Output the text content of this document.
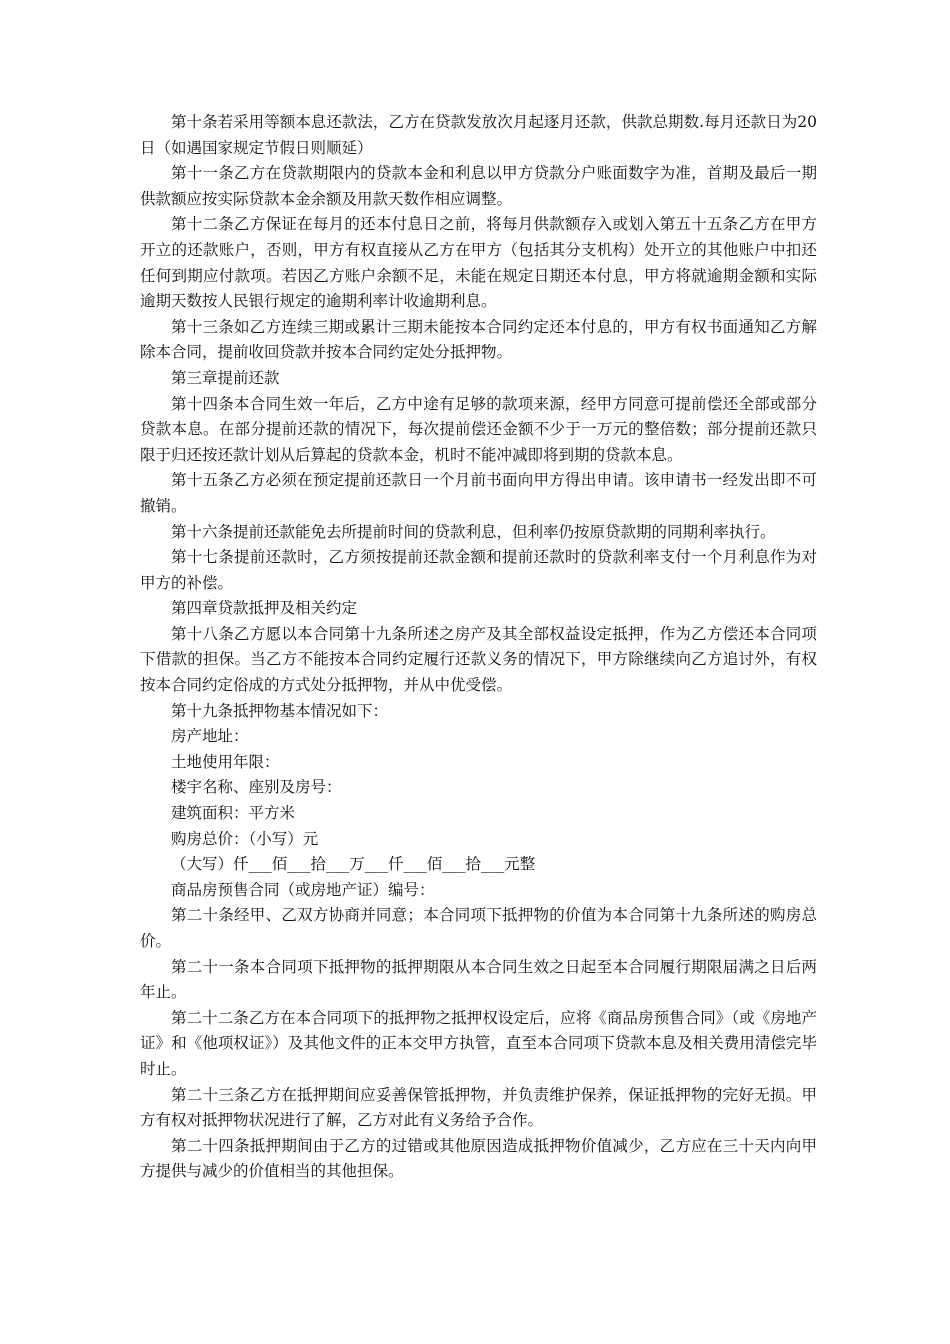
第十条若采用等额本息还款法，乙方在贷款发放次月起逐月还款，供款总期数.每月还款日为20日（如遇国家规定节假日则顺延）

第十一条乙方在贷款期限内的贷款本金和利息以甲方贷款分户账面数字为准，首期及最后一期供款额应按实际贷款本金余额及用款天数作相应调整。

第十二条乙方保证在每月的还本付息日之前，将每月供款额存入或划入第五十五条乙方在甲方开立的还款账户，否则，甲方有权直接从乙方在甲方（包括其分支机构）处开立的其他账户中扣还任何到期应付款项。若因乙方账户余额不足，未能在规定日期还本付息，甲方将就逾期金额和实际逾期天数按人民银行规定的逾期利率计收逾期利息。

第十三条如乙方连续三期或累计三期未能按本合同约定还本付息的，甲方有权书面通知乙方解除本合同，提前收回贷款并按本合同约定处分抵押物。

第三章提前还款

第十四条本合同生效一年后，乙方中途有足够的款项来源，经甲方同意可提前偿还全部或部分贷款本息。在部分提前还款的情况下，每次提前偿还金额不少于一万元的整倍数；部分提前还款只限于归还按还款计划从后算起的贷款本金，机时不能冲减即将到期的贷款本息。

第十五条乙方必须在预定提前还款日一个月前书面向甲方得出申请。该申请书一经发出即不可撤销。

第十六条提前还款能免去所提前时间的贷款利息，但利率仍按原贷款期的同期利率执行。

第十七条提前还款时，乙方须按提前还款金额和提前还款时的贷款利率支付一个月利息作为对甲方的补偿。

第四章贷款抵押及相关约定

第十八条乙方愿以本合同第十九条所述之房产及其全部权益设定抵押，作为乙方偿还本合同项下借款的担保。当乙方不能按本合同约定履行还款义务的情况下，甲方除继续向乙方追讨外，有权按本合同约定俗成的方式处分抵押物，并从中优受偿。

第十九条抵押物基本情况如下：

房产地址：

土地使用年限：

楼宇名称、座别及房号：

建筑面积：平方米

购房总价：（小写）元

（大写）仟___佰___拾___万___仟___佰___拾___元整

商品房预售合同（或房地产证）编号：

第二十条经甲、乙双方协商并同意；本合同项下抵押物的价值为本合同第十九条所述的购房总价。

第二十一条本合同项下抵押物的抵押期限从本合同生效之日起至本合同履行期限届满之日后两年止。

第二十二条乙方在本合同项下的抵押物之抵押权设定后，应将《商品房预售合同》（或《房地产证》和《他项权证》）及其他文件的正本交甲方执管，直至本合同项下贷款本息及相关费用清偿完毕时止。

第二十三条乙方在抵押期间应妥善保管抵押物，并负责维护保养，保证抵押物的完好无损。甲方有权对抵押物状况进行了解，乙方对此有义务给予合作。

第二十四条抵押期间由于乙方的过错或其他原因造成抵押物价值减少，乙方应在三十天内向甲方提供与减少的价值相当的其他担保。
